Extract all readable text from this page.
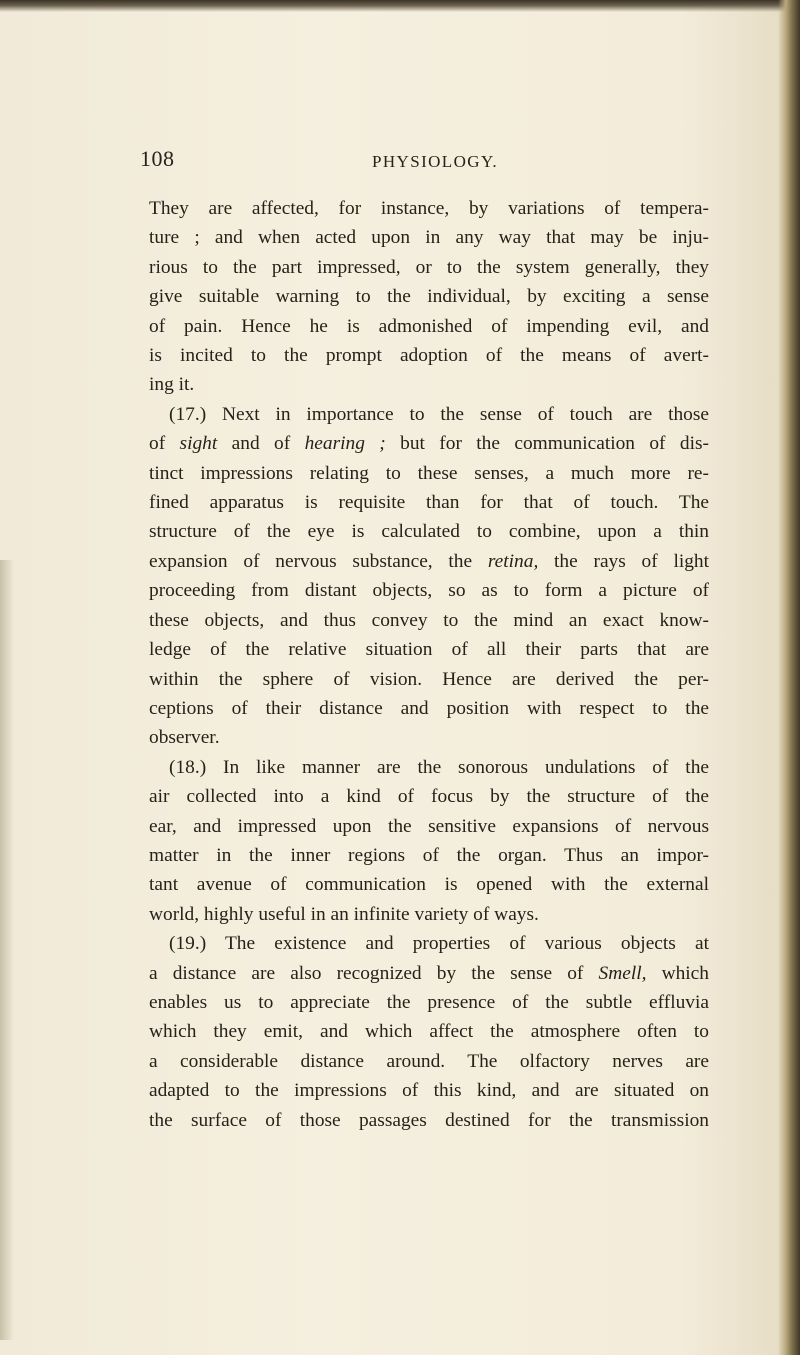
108	PHYSIOLOGY.
They are affected, for instance, by variations of tempera-
ture ; and when acted upon in any way that may be inju-
rious to the part impressed, or to the system generally, they
give suitable warning to the individual, by exciting a sense
of pain. Hence he is admonished of impending evil, and
is incited to the prompt adoption of the means of avert-
ing it.
(17.) Next in importance to the sense of touch are those
of sight and of hearing ; but for the communication of dis-
tinct impressions relating to these senses, a much more re-
fined apparatus is requisite than for that of touch. The
structure of the eye is calculated to combine, upon a thin
expansion of nervous substance, the retina, the rays of light
proceeding from distant objects, so as to form a picture of
these objects, and thus convey to the mind an exact know-
ledge of the relative situation of all their parts that are
within the sphere of vision. Hence are derived the per-
ceptions of their distance and position with respect to the
observer.
(18.) In like manner are the sonorous undulations of the
air collected into a kind of focus by the structure of the
ear, and impressed upon the sensitive expansions of nervous
matter in the inner regions of the organ. Thus an impor-
tant avenue of communication is opened with the external
world, highly useful in an infinite variety of ways.
(19.) The existence and properties of various objects at
a distance are also recognized by the sense of Smell, which
enables us to appreciate the presence of the subtle effluvia
which they emit, and which affect the atmosphere often to
a considerable distance around. The olfactory nerves are
adapted to the impressions of this kind, and are situated on
the surface of those passages destined for the transmission
